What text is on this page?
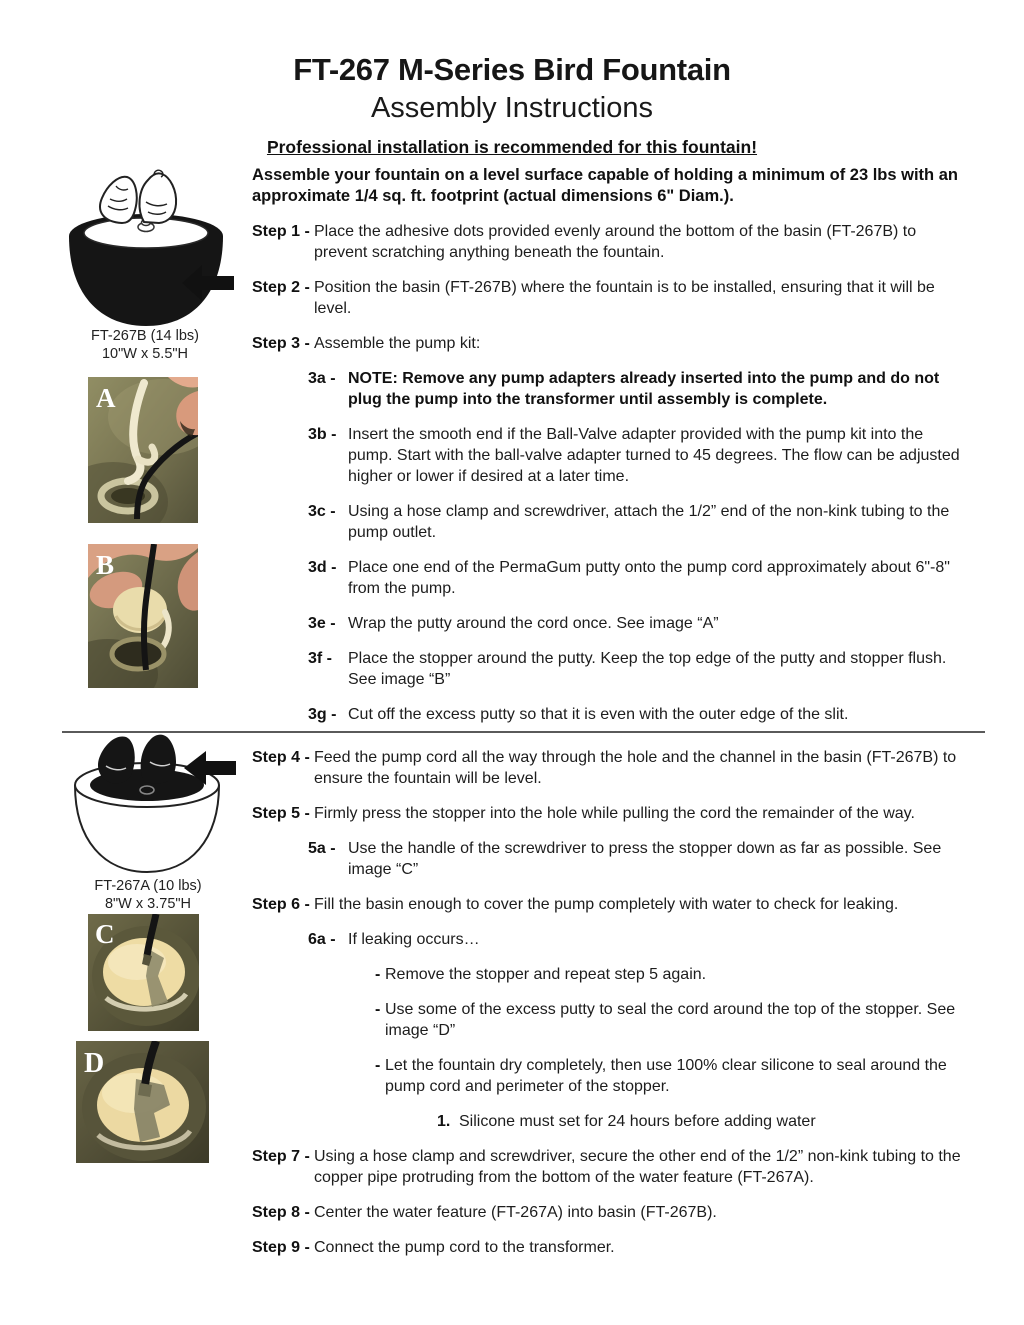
FT-267 M-Series Bird Fountain
Assembly Instructions
Professional installation is recommended for this fountain!
FT-267B (14 lbs)
10"W x 5.5"H
A
B
FT-267A (10 lbs)
8"W x 3.75"H
C
D
Assemble your fountain on a level surface capable of holding a minimum of 23 lbs with an approximate 1/4 sq. ft. footprint (actual dimensions 6" Diam.).
Step 1 - Place the adhesive dots provided evenly around the bottom of the basin (FT-267B) to prevent scratching anything beneath the fountain.
Step 2 - Position the basin (FT-267B) where the fountain is to be installed, ensuring that it will be level.
Step 3 - Assemble the pump kit:
3a - NOTE: Remove any pump adapters already inserted into the pump and do not plug the pump into the transformer until assembly is complete.
3b - Insert the smooth end if the Ball-Valve adapter provided with the pump kit into the pump. Start with the ball-valve adapter turned to 45 degrees. The flow can be adjusted higher or lower if desired at a later time.
3c - Using a hose clamp and screwdriver, attach the 1/2” end of the non-kink tubing to the pump outlet.
3d - Place one end of the PermaGum putty onto the pump cord approximately about 6"-8" from the pump.
3e - Wrap the putty around the cord once. See image “A”
3f - Place the stopper around the putty. Keep the top edge of the putty and stopper flush. See image “B”
3g - Cut off the excess putty so that it is even with the outer edge of the slit.
Step 4 - Feed the pump cord all the way through the hole and the channel in the basin (FT-267B) to ensure the fountain will be level.
Step 5 - Firmly press the stopper into the hole while pulling the cord the remainder of the way.
5a - Use the handle of the screwdriver to press the stopper down as far as possible. See image “C”
Step 6 - Fill the basin enough to cover the pump completely with water to check for leaking.
6a - If leaking occurs…
- Remove the stopper and repeat step 5 again.
- Use some of the excess putty to seal the cord around the top of the stopper. See image “D”
- Let the fountain dry completely, then use 100% clear silicone to seal around the pump cord and perimeter of the stopper.
1. Silicone must set for 24 hours before adding water
Step 7 - Using a hose clamp and screwdriver, secure the other end of the 1/2” non-kink tubing to the copper pipe protruding from the bottom of the water feature (FT-267A).
Step 8 - Center the water feature (FT-267A) into basin (FT-267B).
Step 9 - Connect the pump cord to the transformer.
